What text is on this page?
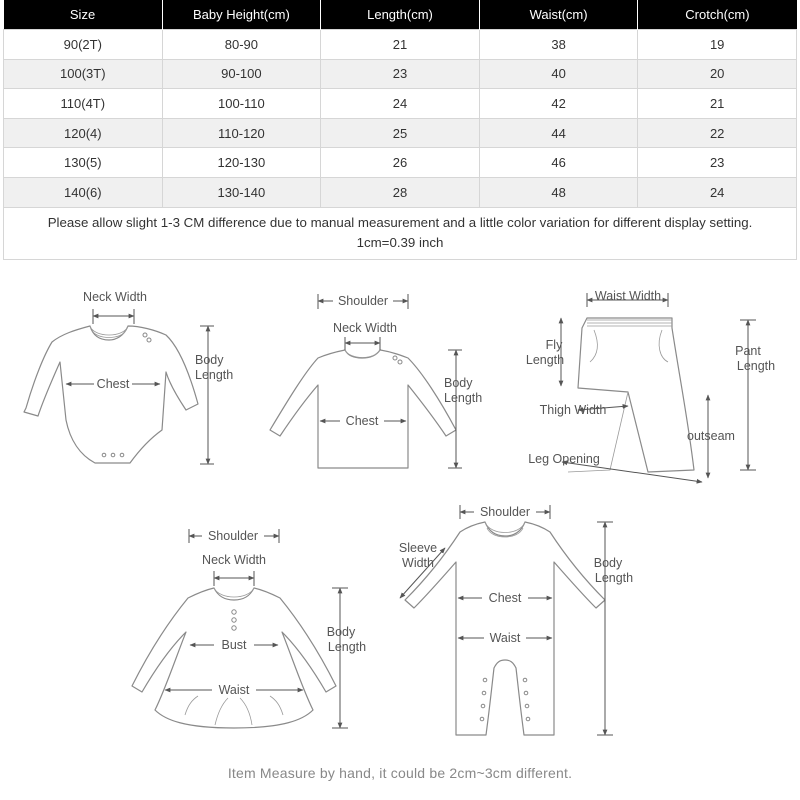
Size	Baby Height(cm)	Length(cm)	Waist(cm)	Crotch(cm)
90(2T)	80-90	21	38	19
100(3T)	90-100	23	40	20
110(4T)	100-110	24	42	21
120(4)	110-120	25	44	22
130(5)	120-130	26	46	23
140(6)	130-140	28	48	24
Please allow slight 1-3 CM difference due to manual measurement and a little color variation for different display setting.
1cm=0.39 inch				
Neck Width
Chest
Body
Length
Shoulder
Neck Width
Chest
Body
Length
Waist Width
Fly
Length
Pant
Length
Thigh Width
outseam
Leg Opening
Shoulder
Neck Width
Bust
Waist
Body
Length
Shoulder
Sleeve
Width
Chest
Waist
Body
Length
Item Measure by hand, it could be 2cm~3cm different.
